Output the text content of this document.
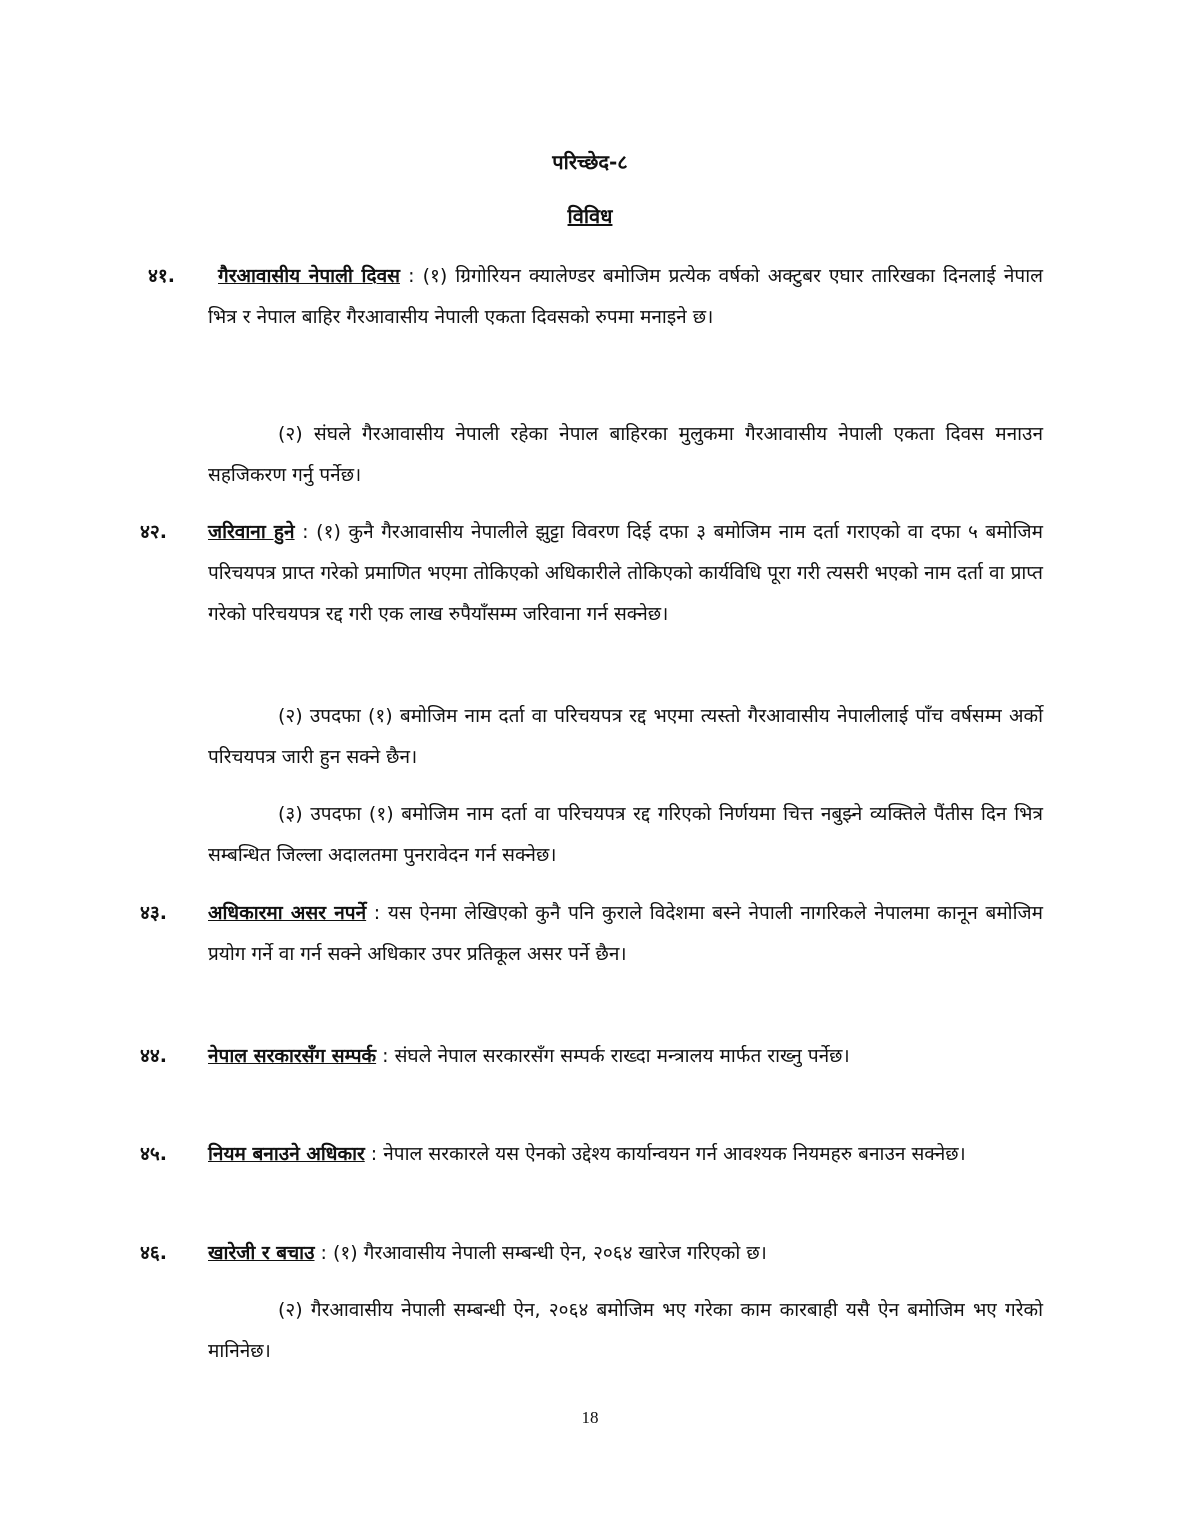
परिच्छेद-८
विविध
४१.	गैरआवासीय नेपाली दिवस : (१) ग्रिगोरियन क्यालेण्डर बमोजिम प्रत्येक वर्षको अक्टुबर एघार तारिखका दिनलाई नेपाल भित्र र नेपाल बाहिर गैरआवासीय नेपाली एकता दिवसको रुपमा मनाइने छ।
(२) संघले गैरआवासीय नेपाली रहेका नेपाल बाहिरका मुलुकमा गैरआवासीय नेपाली एकता दिवस मनाउन सहजिकरण गर्नु पर्नेछ।
४२. जरिवाना हुने : (१) कुनै गैरआवासीय नेपालीले झुट्टा विवरण दिई दफा ३ बमोजिम नाम दर्ता गराएको वा दफा ५ बमोजिम परिचयपत्र प्राप्त गरेको प्रमाणित भएमा तोकिएको अधिकारीले तोकिएको कार्यविधि पूरा गरी त्यसरी भएको नाम दर्ता वा प्राप्त गरेको परिचयपत्र रद्द गरी एक लाख रुपैयाँसम्म जरिवाना गर्न सक्नेछ।
(२) उपदफा (१) बमोजिम नाम दर्ता वा परिचयपत्र रद्द भएमा त्यस्तो गैरआवासीय नेपालीलाई पाँच वर्षसम्म अर्को परिचयपत्र जारी हुन सक्ने छैन।
(३) उपदफा (१) बमोजिम नाम दर्ता वा परिचयपत्र रद्द गरिएको निर्णयमा चित्त नबुझ्ने व्यक्तिले पैंतीस दिन भित्र सम्बन्धित जिल्ला अदालतमा पुनरावेदन गर्न सक्नेछ।
४३. अधिकारमा असर नपर्ने : यस ऐनमा लेखिएको कुनै पनि कुराले विदेशमा बस्ने नेपाली नागरिकले नेपालमा कानून बमोजिम प्रयोग गर्ने वा गर्न सक्ने अधिकार उपर प्रतिकूल असर पर्ने छैन।
४४. नेपाल सरकारसँग सम्पर्क : संघले नेपाल सरकारसँग सम्पर्क राख्दा मन्त्रालय मार्फत राख्नु पर्नेछ।
४५. नियम बनाउने अधिकार : नेपाल सरकारले यस ऐनको उद्देश्य कार्यान्वयन गर्न आवश्यक नियमहरु बनाउन सक्नेछ।
४६. खारेजी र बचाउ : (१) गैरआवासीय नेपाली सम्बन्धी ऐन, २०६४ खारेज गरिएको छ।
(२) गैरआवासीय नेपाली सम्बन्धी ऐन, २०६४ बमोजिम भए गरेका काम कारबाही यसै ऐन बमोजिम भए गरेको मानिनेछ।
18
